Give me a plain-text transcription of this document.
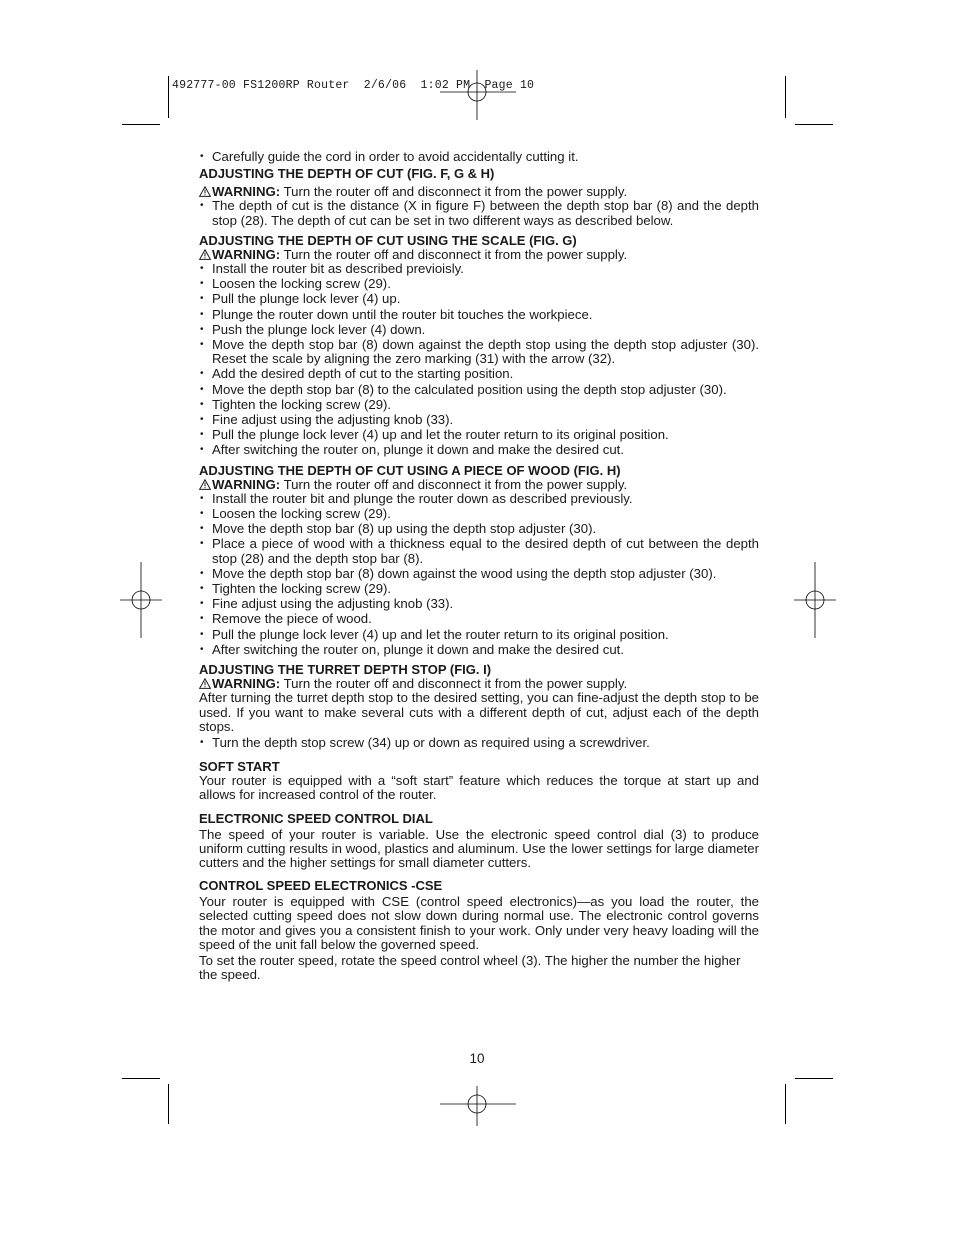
492777-00 FS1200RP Router  2/6/06  1:02 PM  Page 10
• Carefully guide the cord in order to avoid accidentally cutting it.
ADJUSTING THE DEPTH OF CUT (FIG. F, G & H)

WARNING: Turn the router off and disconnect it from the power supply.

• The depth of cut is the distance (X in figure F) between the depth stop bar (8) and the depth stop (28). The depth of cut can be set in two different ways as described below.
ADJUSTING THE DEPTH OF CUT USING THE SCALE (FIG. G)

WARNING: Turn the router off and disconnect it from the power supply.

• Install the router bit as described previoisly.
• Loosen the locking screw (29).
• Pull the plunge lock lever (4) up.
• Plunge the router down until the router bit touches the workpiece.
• Push the plunge lock lever (4) down.
• Move the depth stop bar (8) down against the depth stop using the depth stop adjuster (30). Reset the scale by aligning the zero marking (31) with the arrow (32).
• Add the desired depth of cut to the starting position.
• Move the depth stop bar (8) to the calculated position using the depth stop adjuster (30).
• Tighten the locking screw (29).
• Fine adjust using the adjusting knob (33).
• Pull the plunge lock lever (4) up and let the router return to its original position.
• After switching the router on, plunge it down and make the desired cut.
ADJUSTING THE DEPTH OF CUT USING A PIECE OF WOOD (FIG. H)

WARNING: Turn the router off and disconnect it from the power supply.

• Install the router bit and plunge the router down as described previously.
• Loosen the locking screw (29).
• Move the depth stop bar (8) up using the depth stop adjuster (30).
• Place a piece of wood with a thickness equal to the desired depth of cut between the depth stop (28) and the depth stop bar (8).
• Move the depth stop bar (8) down against the wood using the depth stop adjuster (30).
• Tighten the locking screw (29).
• Fine adjust using the adjusting knob (33).
• Remove the piece of wood.
• Pull the plunge lock lever (4) up and let the router return to its original position.
• After switching the router on, plunge it down and make the desired cut.
ADJUSTING THE TURRET DEPTH STOP (FIG. I)

WARNING: Turn the router off and disconnect it from the power supply.

After turning the turret depth stop to the desired setting, you can fine-adjust the depth stop to be used. If you want to make several cuts with a different depth of cut, adjust each of the depth stops.

• Turn the depth stop screw (34) up or down as required using a screwdriver.
SOFT START

Your router is equipped with a “soft start” feature which reduces the torque at start up and allows for increased control of the router.

ELECTRONIC SPEED CONTROL DIAL

The speed of your router is variable. Use the electronic speed control dial (3) to produce uniform cutting results in wood, plastics and aluminum. Use the lower settings for large diameter cutters and the higher settings for small diameter cutters.

CONTROL SPEED ELECTRONICS -CSE

Your router is equipped with CSE (control speed electronics)—as you load the router, the selected cutting speed does not slow down during normal use. The electronic control governs the motor and gives you a consistent finish to your work. Only under very heavy loading will the speed of the unit fall below the governed speed.

To set the router speed, rotate the speed control wheel (3). The higher the number the higher the speed.

10
